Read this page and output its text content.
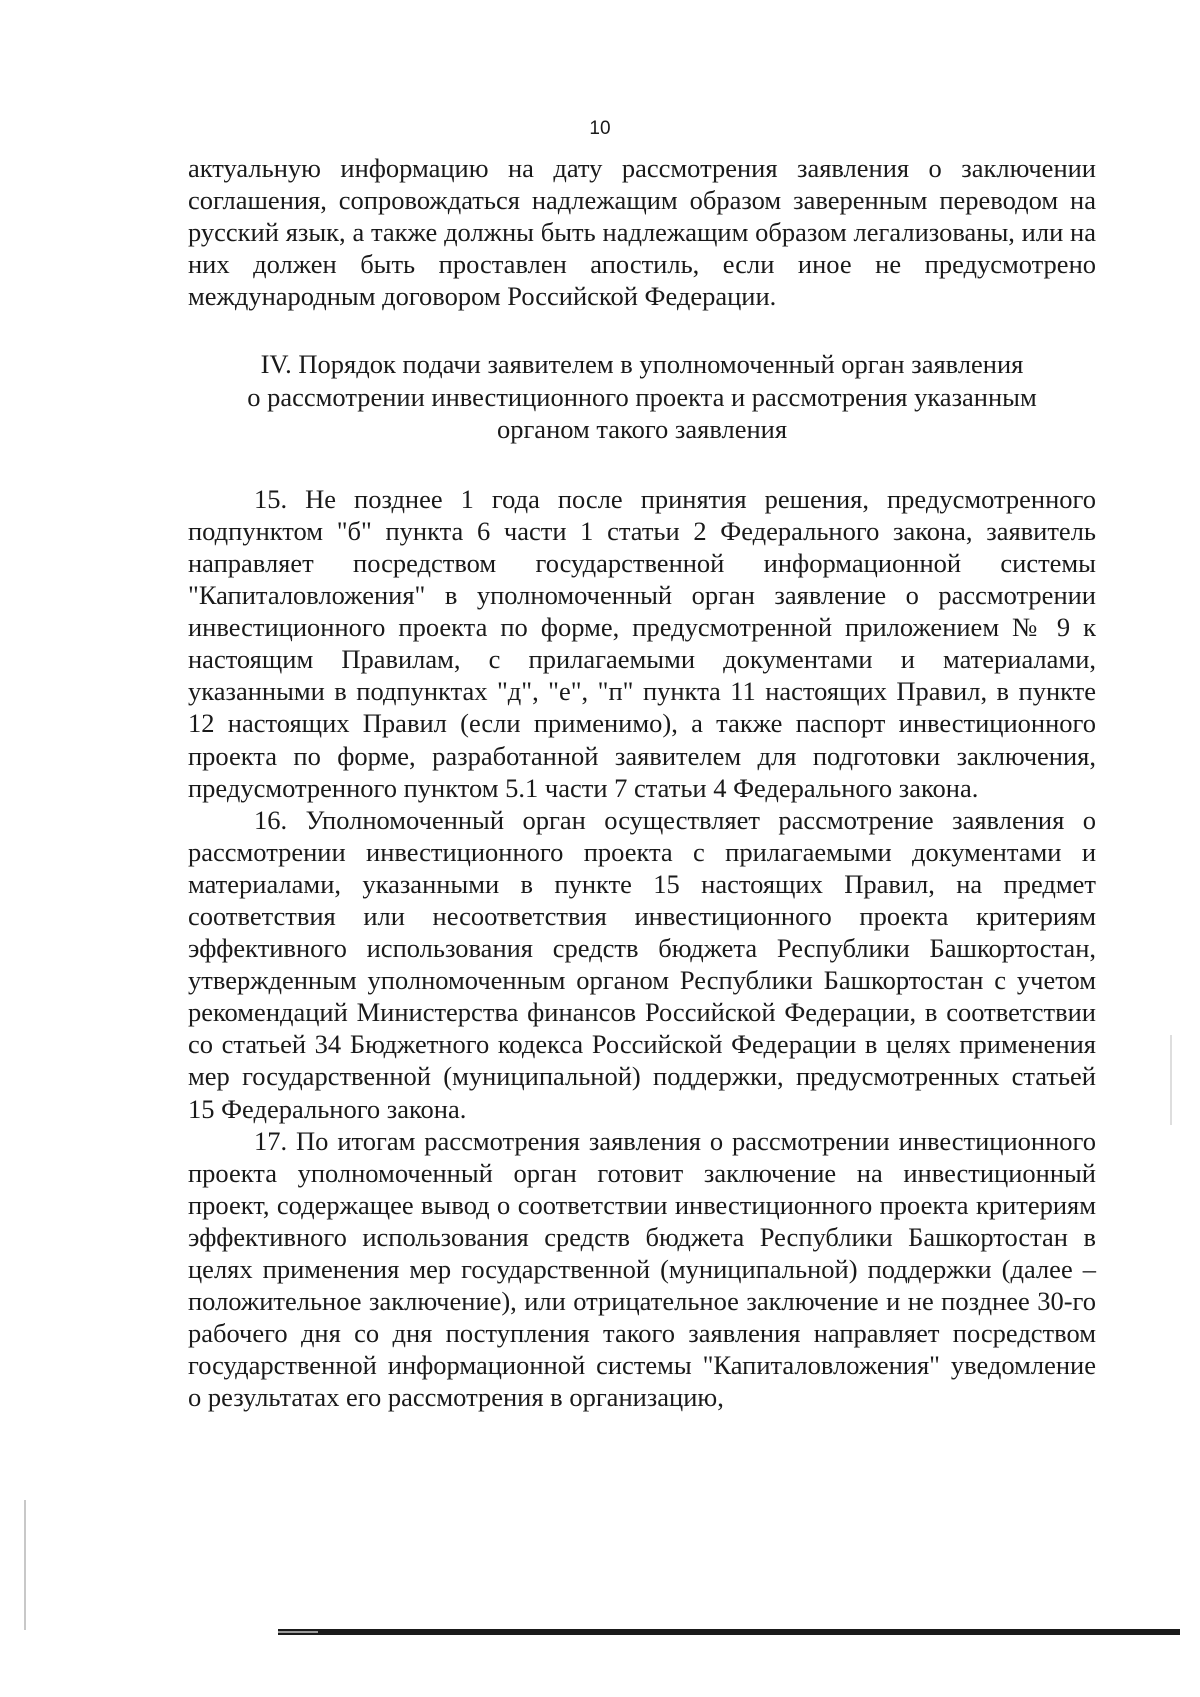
10

актуальную информацию на дату рассмотрения заявления о заключении соглашения, сопровождаться надлежащим образом заверенным переводом на русский язык, а также должны быть надлежащим образом легализованы, или на них должен быть проставлен апостиль, если иное не предусмотрено международным договором Российской Федерации.

IV. Порядок подачи заявителем в уполномоченный орган заявления
о рассмотрении инвестиционного проекта и рассмотрения указанным
органом такого заявления

15. Не позднее 1 года после принятия решения, предусмотренного подпунктом "б" пункта 6 части 1 статьи 2 Федерального закона, заявитель направляет посредством государственной информационной системы "Капиталовложения" в уполномоченный орган заявление о рассмотрении инвестиционного проекта по форме, предусмотренной приложением № 9 к настоящим Правилам, с прилагаемыми документами и материалами, указанными в подпунктах "д", "е", "п" пункта 11 настоящих Правил, в пункте 12 настоящих Правил (если применимо), а также паспорт инвестиционного проекта по форме, разработанной заявителем для подготовки заключения, предусмотренного пунктом 5.1 части 7 статьи 4 Федерального закона.

16. Уполномоченный орган осуществляет рассмотрение заявления о рассмотрении инвестиционного проекта с прилагаемыми документами и материалами, указанными в пункте 15 настоящих Правил, на предмет соответствия или несоответствия инвестиционного проекта критериям эффективного использования средств бюджета Республики Башкортостан, утвержденным уполномоченным органом Республики Башкортостан с учетом рекомендаций Министерства финансов Российской Федерации, в соответствии со статьей 34 Бюджетного кодекса Российской Федерации в целях применения мер государственной (муниципальной) поддержки, предусмотренных статьей 15 Федерального закона.

17. По итогам рассмотрения заявления о рассмотрении инвестиционного проекта уполномоченный орган готовит заключение на инвестиционный проект, содержащее вывод о соответствии инвестиционного проекта критериям эффективного использования средств бюджета Республики Башкортостан в целях применения мер государственной (муниципальной) поддержки (далее – положительное заключение), или отрицательное заключение и не позднее 30-го рабочего дня со дня поступления такого заявления направляет посредством государственной информационной системы "Капиталовложения" уведомление о результатах его рассмотрения в организацию,
